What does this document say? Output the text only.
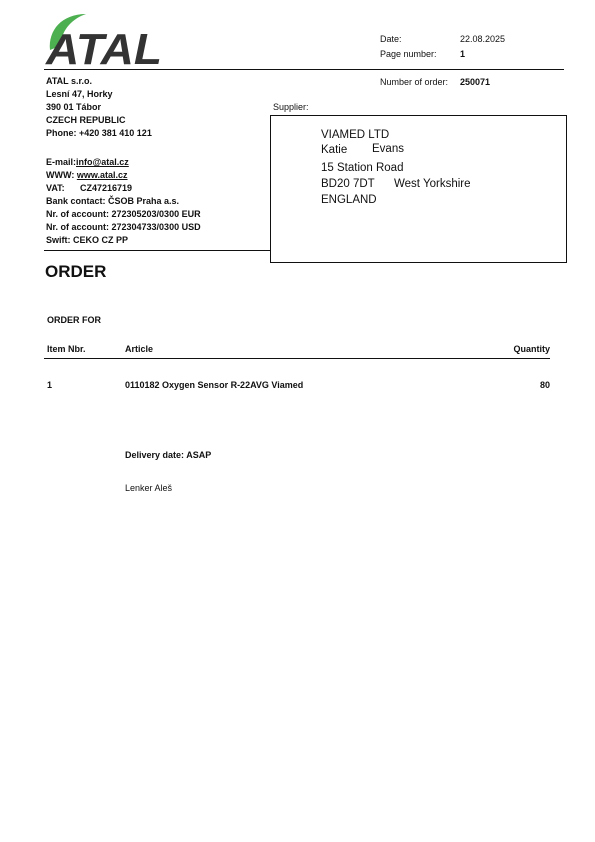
ATAL	Date:	22.08.2025
Page number:	1
Number of order: 250071
ATAL s.r.o.
Lesní 47, Horky
390 01 Tábor
CZECH REPUBLIC
Phone: +420 381 410 121
E-mail:info@atal.cz
WWW: www.atal.cz
VAT: CZ47216719
Bank contact: ČSOB Praha a.s.
Nr. of account: 272305203/0300 EUR
Nr. of account: 272304733/0300 USD
Swift: CEKO CZ PP
Supplier:
VIAMED LTD
Katie Evans
15 Station Road
BD20 7DT West Yorkshire
ENGLAND
ORDER
ORDER FOR
Item Nbr.	Article	Quantity
1	0110182 Oxygen Sensor R-22AVG Viamed	80
Delivery date: ASAP
Lenker Aleš
